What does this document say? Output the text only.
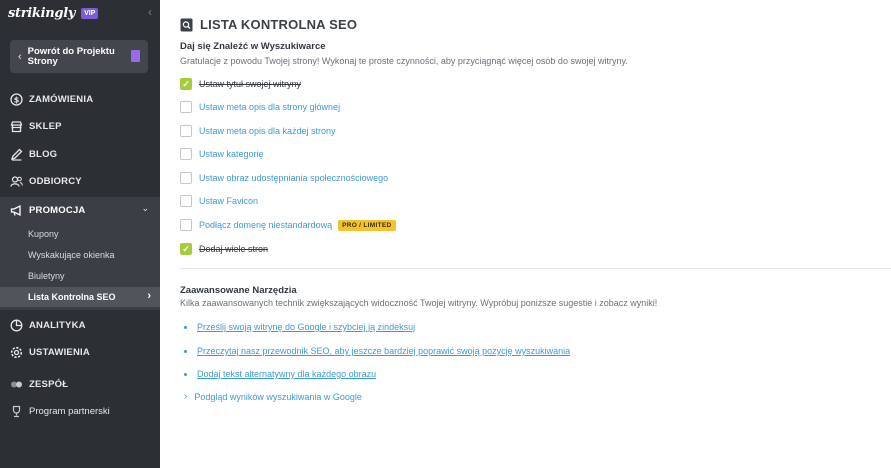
strikingly	VIP	‹
‹ Powrót do Projektu Strony
$ ZAMÓWIENIA
SKLEP
BLOG
ODBIORCY
PROMOCJA	⌄
Kupony
Wyskakujące okienka
Biuletyny
Lista Kontrolna SEO	›
ANALITYKA
USTAWIENIA
ZESPÓŁ
Program partnerski
LISTA KONTROLNA SEO
Daj się Znaleźć w Wyszukiwarce
Gratulacje z powodu Twojej strony! Wykonaj te proste czynności, aby przyciągnąć więcej osób do swojej witryny.
✓ Ustaw tytuł swojej witryny
Ustaw meta opis dla strony głównej
Ustaw meta opis dla każdej strony
Ustaw kategorię
Ustaw obraz udostępniania społecznościowego
Ustaw Favicon
Podłącz domenę niestandardową	PRO / LIMITED
✓ Dodaj wiele stron
Zaawansowane Narzędzia
Kilka zaawansowanych technik zwiększających widoczność Twojej witryny. Wypróbuj poniższe sugestie i zobacz wyniki!
Prześlij swoją witrynę do Google i szybciej ją zindeksuj
Przeczytaj nasz przewodnik SEO, aby jeszcze bardziej poprawić swoją pozycję wyszukiwania
Dodaj tekst alternatywny dla każdego obrazu
› Podgląd wyników wyszukiwania w Google
